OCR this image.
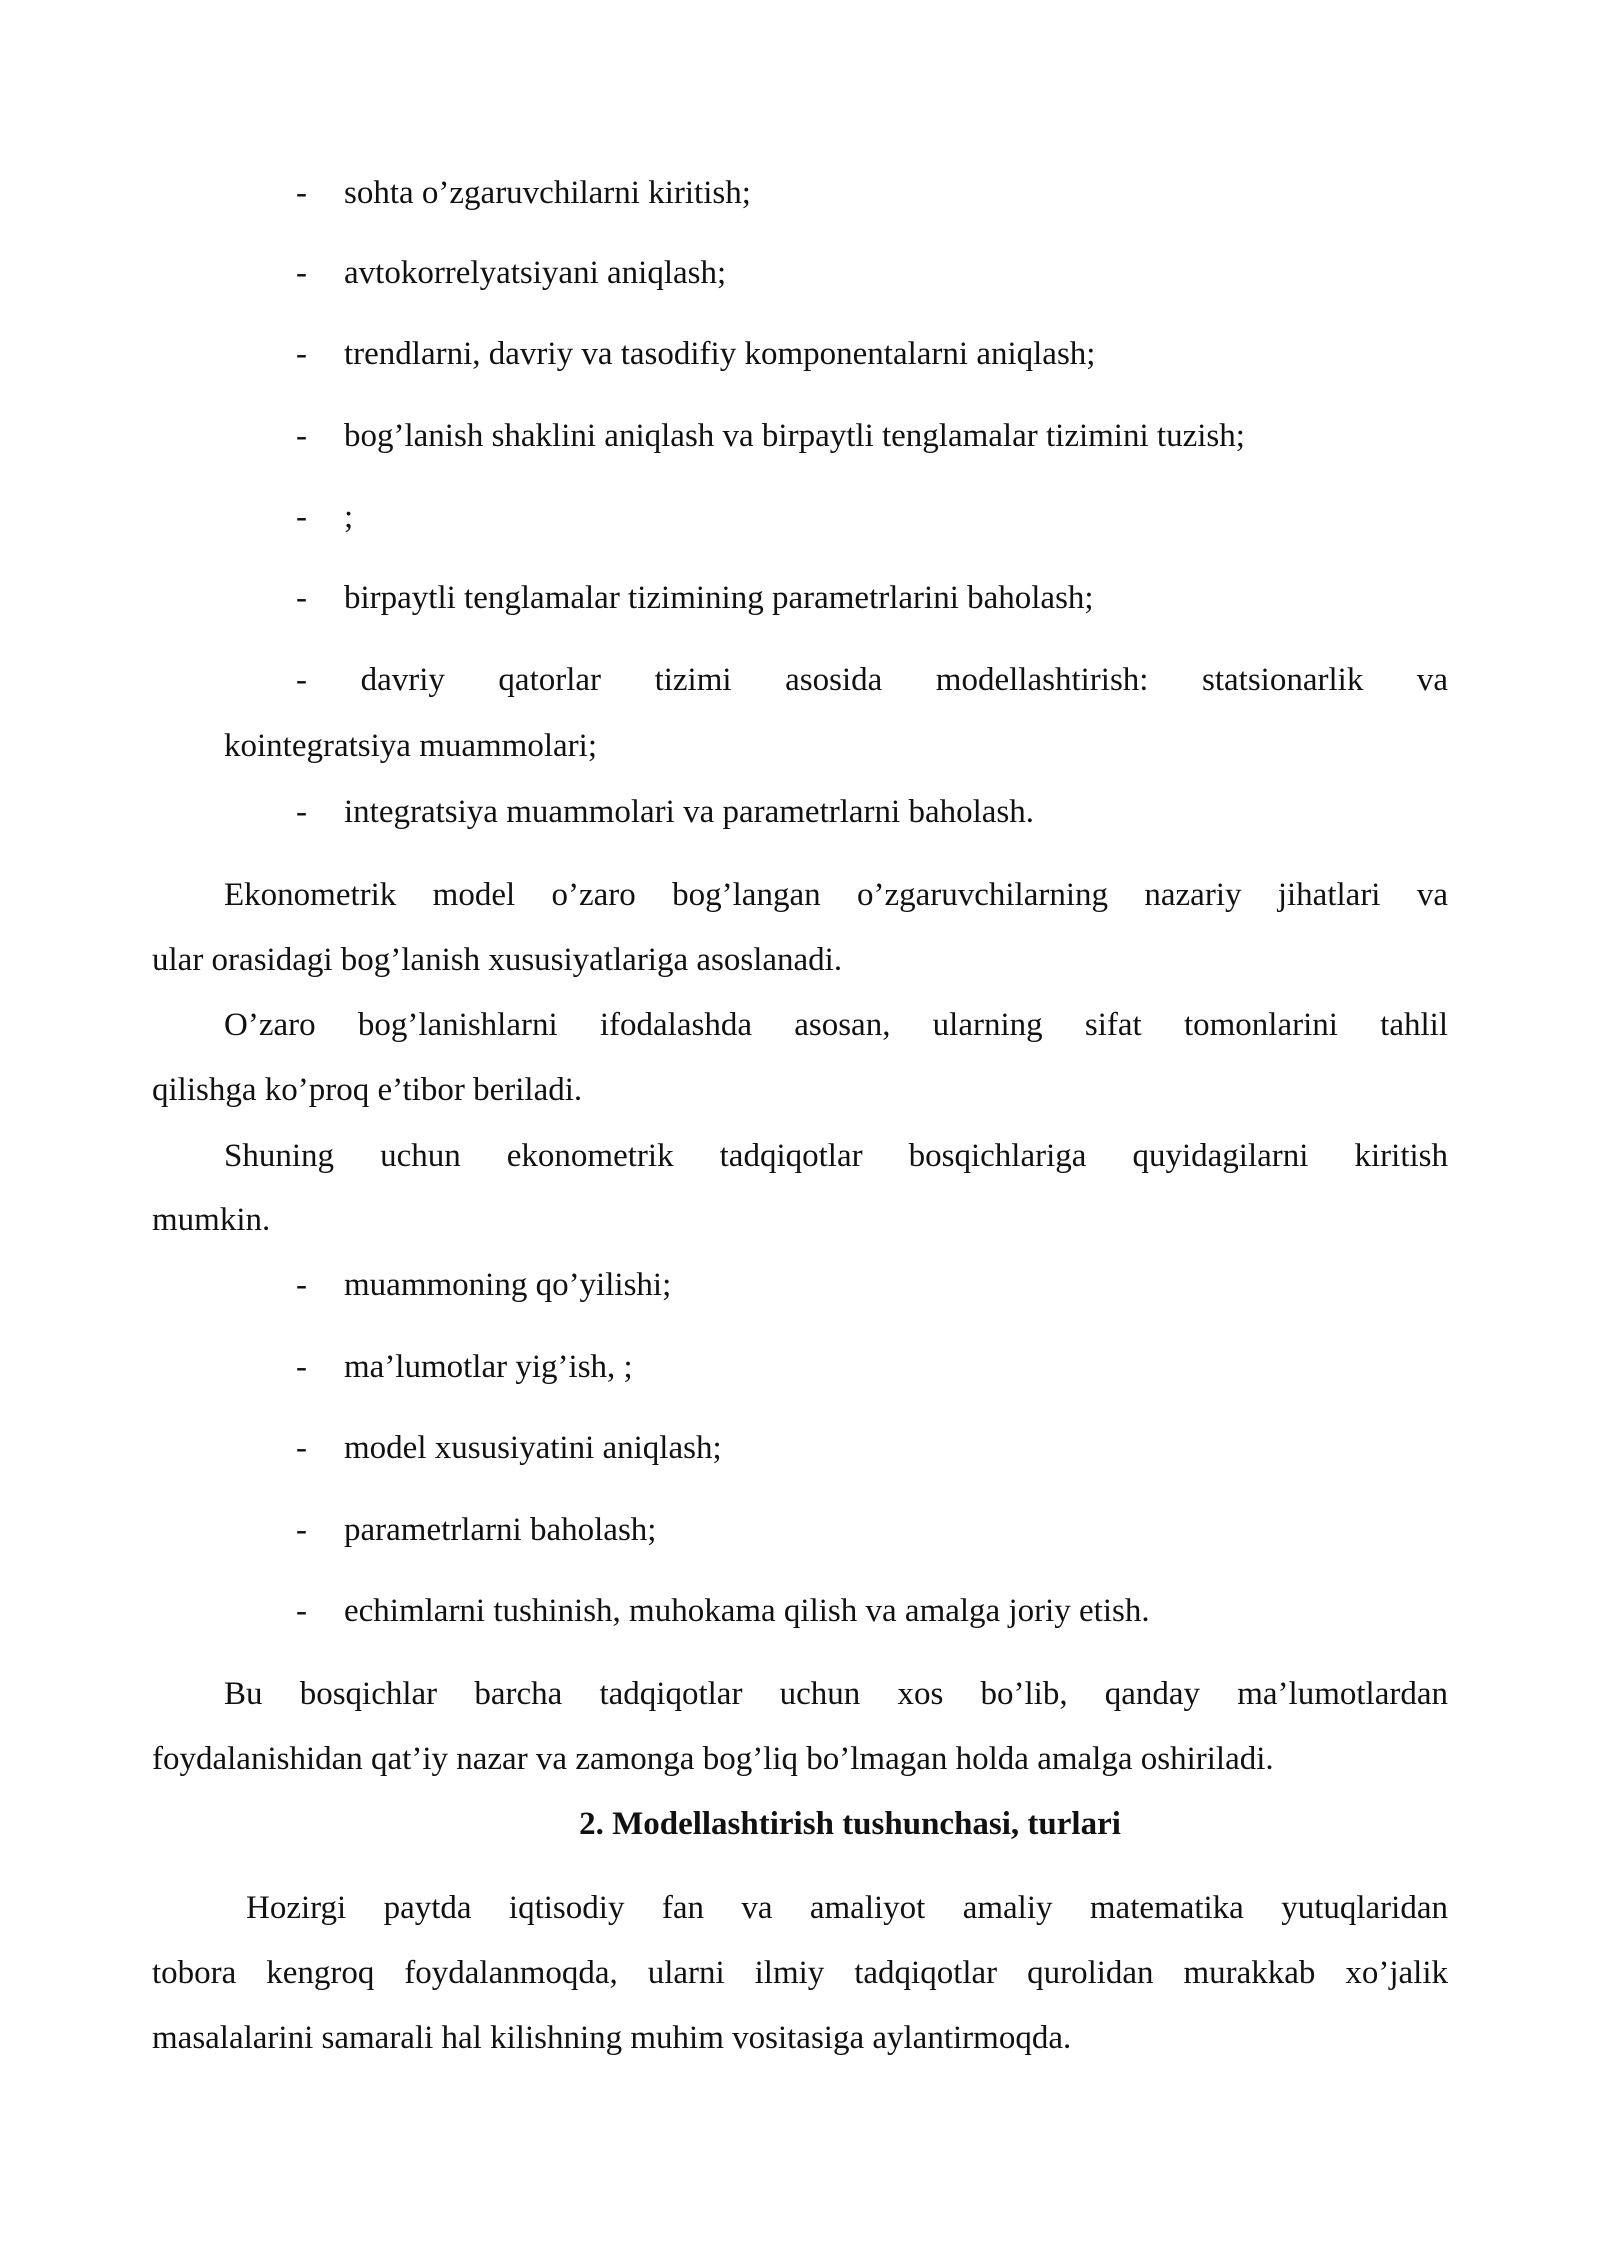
- sohta o’zgaruvchilarni kiritish;
- avtokorrelyatsiyani aniqlash;
- trendlarni, davriy va tasodifiy komponentalarni aniqlash;
- bog’lanish shaklini aniqlash va birpaytli tenglamalar tizimini tuzish;
- ;
- birpaytli tenglamalar tizimining parametrlarini baholash;
- davriy qatorlar tizimi asosida modellashtirish: statsionarlik va
kointegratsiya muammolari;
- integratsiya muammolari va parametrlarni baholash.
Ekonometrik model o’zaro bog’langan o’zgaruvchilarning nazariy jihatlari va
ular orasidagi bog’lanish xususiyatlariga asoslanadi.
O’zaro bog’lanishlarni ifodalashda asosan, ularning sifat tomonlarini tahlil
qilishga ko’proq e’tibor beriladi.
Shuning uchun ekonometrik tadqiqotlar bosqichlariga quyidagilarni kiritish
mumkin.
- muammoning qo’yilishi;
- ma’lumotlar yig’ish, ;
- model xususiyatini aniqlash;
- parametrlarni baholash;
- echimlarni tushinish, muhokama qilish va amalga joriy etish.
Bu bosqichlar barcha tadqiqotlar uchun xos bo’lib, qanday ma’lumotlardan
foydalanishidan qat’iy nazar va zamonga bog’liq bo’lmagan holda amalga oshiriladi.
2. Modellashtirish tushunchasi, turlari
Hozirgi paytda iqtisodiy fan va amaliyot amaliy matematika yutuqlaridan
tobora kengroq foydalanmoqda, ularni ilmiy tadqiqotlar qurolidan murakkab xo’jalik
masalalarini samarali hal kilishning muhim vositasiga aylantirmoqda.
